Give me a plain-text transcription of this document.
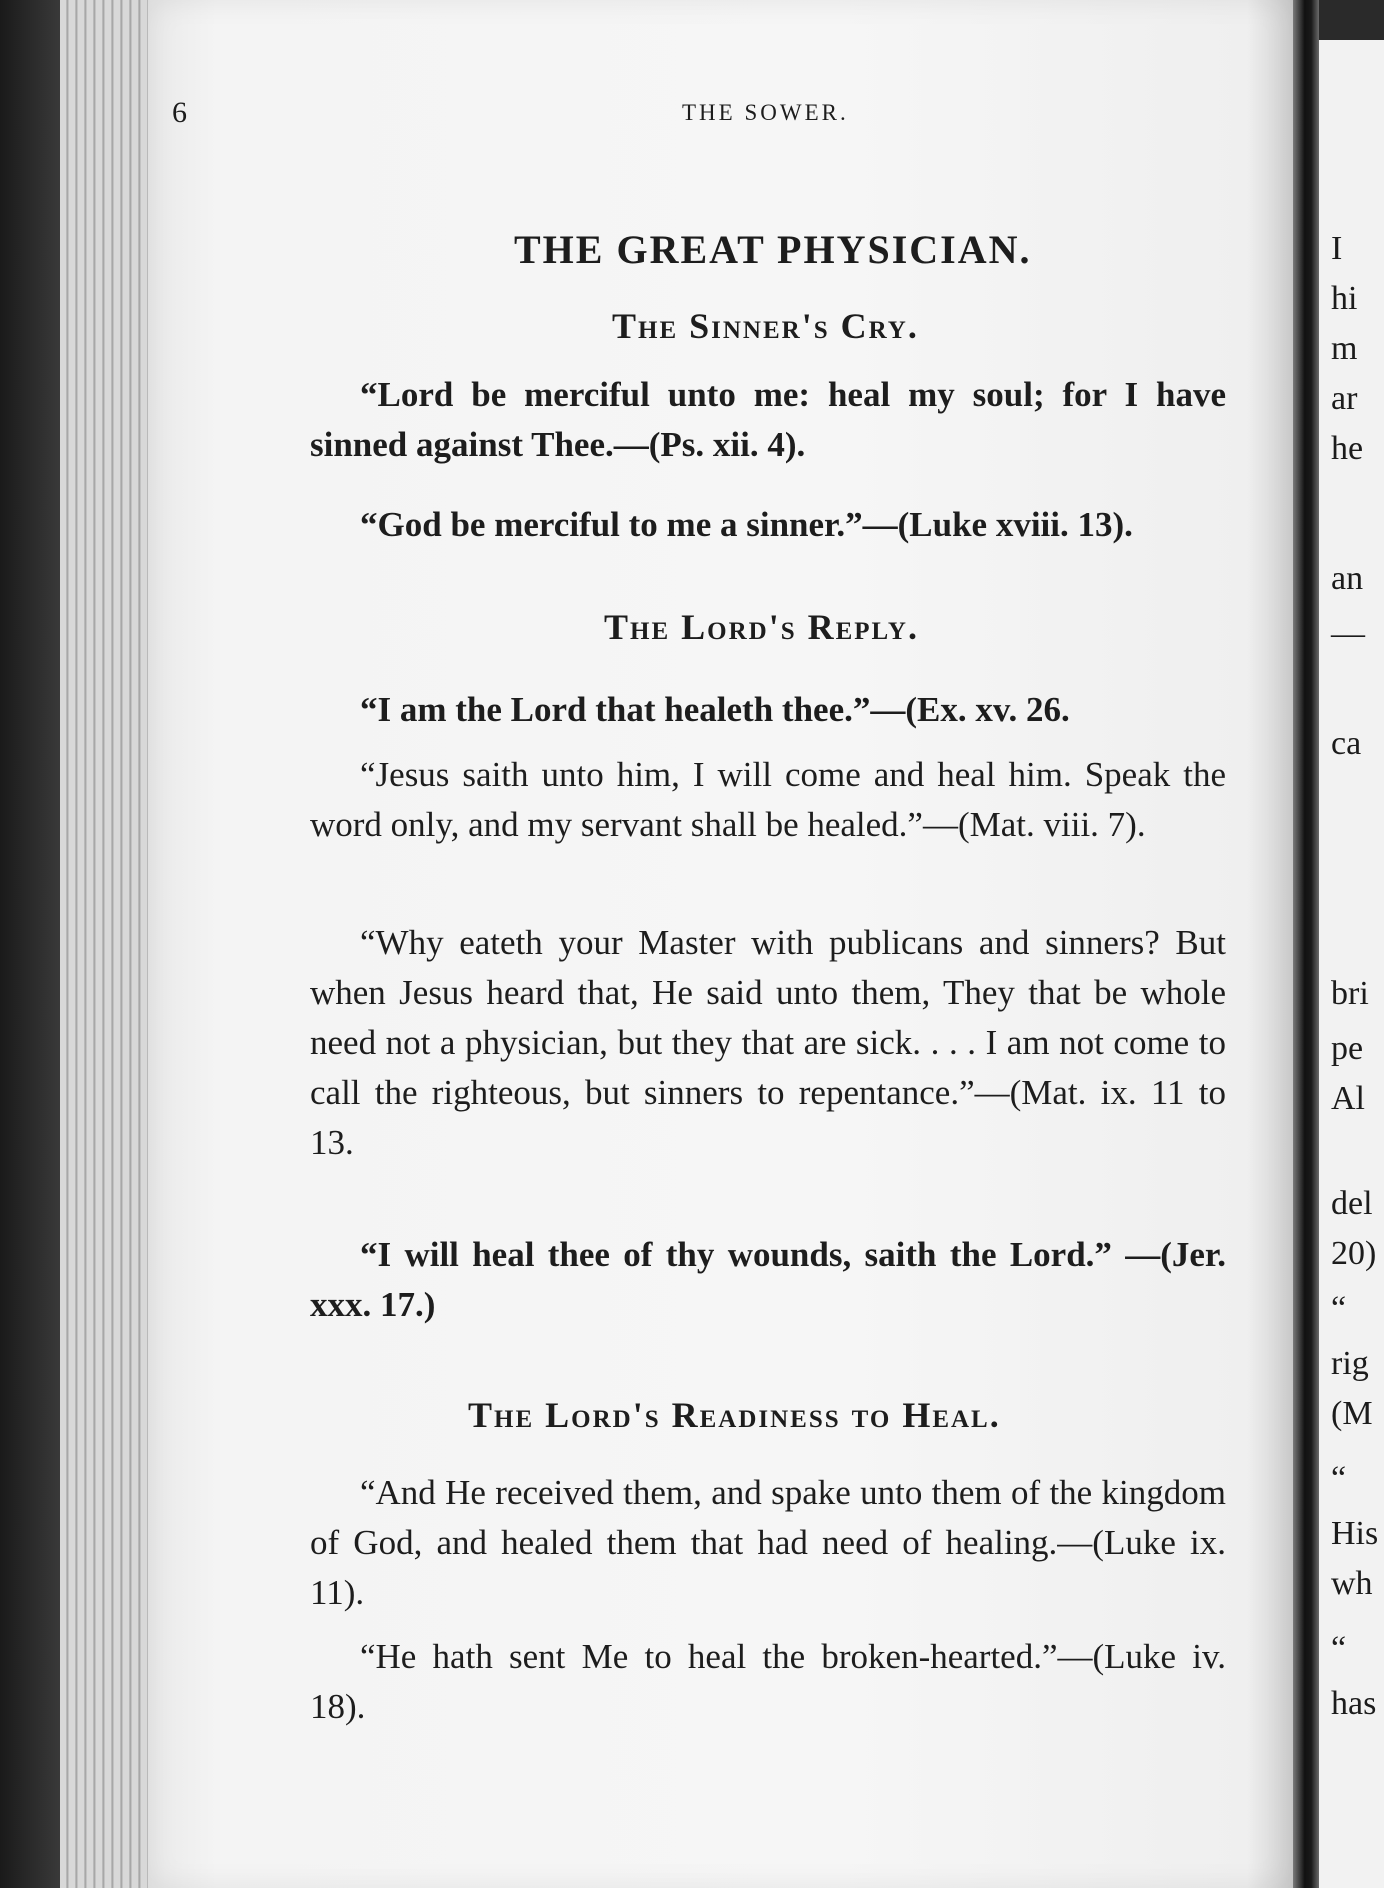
6	THE SOWER.
THE GREAT PHYSICIAN.
The Sinner's Cry.
“Lord be merciful unto me: heal my soul; for I have sinned against Thee.—(Ps. xii. 4).
“God be merciful to me a sinner.”—(Luke xviii. 13).
The Lord's Reply.
“I am the Lord that healeth thee.”—(Ex. xv. 26.
“Jesus saith unto him, I will come and heal him. Speak the word only, and my servant shall be healed.”—(Mat. viii. 7).
“Why eateth your Master with publicans and sinners? But when Jesus heard that, He said unto them, They that be whole need not a physician, but they that are sick. . . . I am not come to call the righteous, but sinners to repentance.”—(Mat. ix. 11 to 13.
“I will heal thee of thy wounds, saith the Lord.” —(Jer. xxx. 17.)
The Lord's Readiness to Heal.
“And He received them, and spake unto them of the kingdom of God, and healed them that had need of healing.—(Luke ix. 11).
“He hath sent Me to heal the broken-hearted.”—(Luke iv. 18).
I
hi
m
ar
he
an
—
ca
bri
pe
Al
del
20)
“
rig
(M
“
His
wh
“
has
